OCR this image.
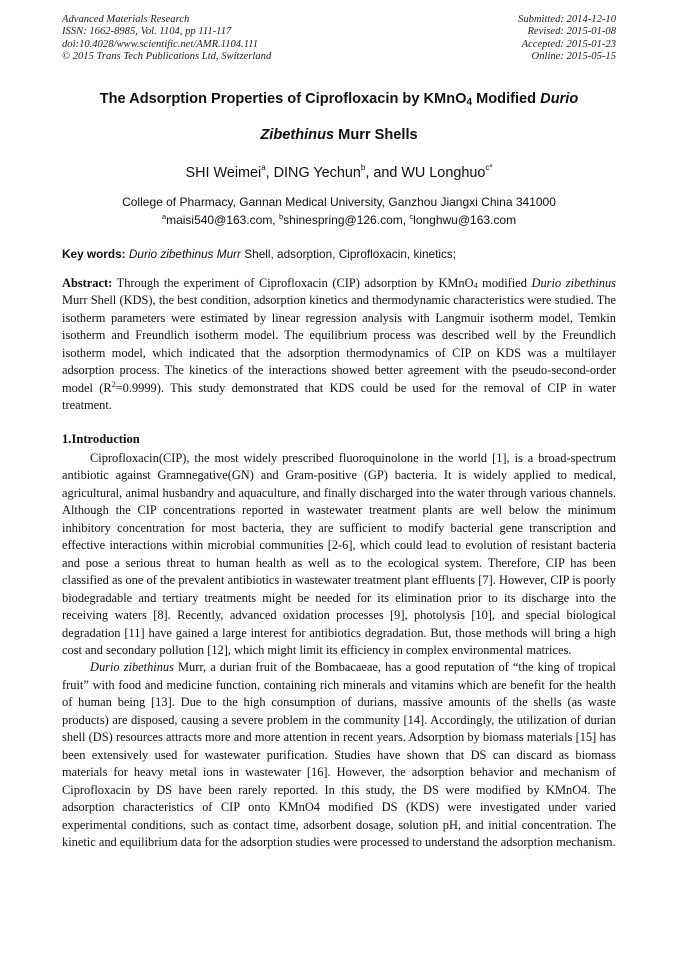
Advanced Materials Research
ISSN: 1662-8985, Vol. 1104, pp 111-117
doi:10.4028/www.scientific.net/AMR.1104.111
© 2015 Trans Tech Publications Ltd, Switzerland
Submitted: 2014-12-10
Revised: 2015-01-08
Accepted: 2015-01-23
Online: 2015-05-15
The Adsorption Properties of Ciprofloxacin by KMnO$_4$ Modified Durio
Zibethinus Murr Shells
SHI Weimei$^a$, DING Yechun$^b$, and WU Longhuo$^{c*}$
College of Pharmacy, Gannan Medical University, Ganzhou Jiangxi China 341000
$^a$maisi540@163.com, $^b$shinespring@126.com, $^c$longhwu@163.com
Key words: Durio zibethinus Murr Shell, adsorption, Ciprofloxacin, kinetics;
Abstract: Through the experiment of Ciprofloxacin (CIP) adsorption by KMnO$_4$ modified Durio zibethinus Murr Shell (KDS), the best condition, adsorption kinetics and thermodynamic characteristics were studied. The isotherm parameters were estimated by linear regression analysis with Langmuir isotherm model, Temkin isotherm and Freundlich isotherm model. The equilibrium process was described well by the Freundlich isotherm model, which indicated that the adsorption thermodynamics of CIP on KDS was a multilayer adsorption process. The kinetics of the interactions showed better agreement with the pseudo-second-order model $(R^2=0.9999)$. This study demonstrated that KDS could be used for the removal of CIP in water treatment.
1.Introduction

Ciprofloxacin(CIP), the most widely prescribed fluoroquinolone in the world [1], is a broad-spectrum antibiotic against Gramnegative(GN) and Gram-positive (GP) bacteria. It is widely applied to medical, agricultural, animal husbandry and aquaculture, and finally discharged into the water through various channels. Although the CIP concentrations reported in wastewater treatment plants are well below the minimum inhibitory concentration for most bacteria, they are sufficient to modify bacterial gene transcription and effective interactions within microbial communities [2-6], which could lead to evolution of resistant bacteria and pose a serious threat to human health as well as to the ecological system. Therefore, CIP has been classified as one of the prevalent antibiotics in wastewater treatment plant effluents [7]. However, CIP is poorly biodegradable and tertiary treatments might be needed for its elimination prior to its discharge into the receiving waters [8]. Recently, advanced oxidation processes [9], photolysis [10], and special biological degradation [11] have gained a large interest for antibiotics degradation. But, those methods will bring a high cost and secondary pollution [12], which might limit its efficiency in complex environmental matrices.

Durio zibethinus Murr, a durian fruit of the Bombacaeae, has a good reputation of “the king of tropical fruit” with food and medicine function, containing rich minerals and vitamins which are benefit for the health of human being [13]. Due to the high consumption of durians, massive amounts of the shells (as waste products) are disposed, causing a severe problem in the community [14]. Accordingly, the utilization of durian shell (DS) resources attracts more and more attention in recent years. Adsorption by biomass materials [15] has been extensively used for wastewater purification. Studies have shown that DS can discard as biomass materials for heavy metal ions in wastewater [16]. However, the adsorption behavior and mechanism of Ciprofloxacin by DS have been rarely reported. In this study, the DS were modified by KMnO4. The adsorption characteristics of CIP onto KMnO4 modified DS (KDS) were investigated under varied experimental conditions, such as contact time, adsorbent dosage, solution pH, and initial concentration. The kinetic and equilibrium data for the adsorption studies were processed to understand the adsorption mechanism.
